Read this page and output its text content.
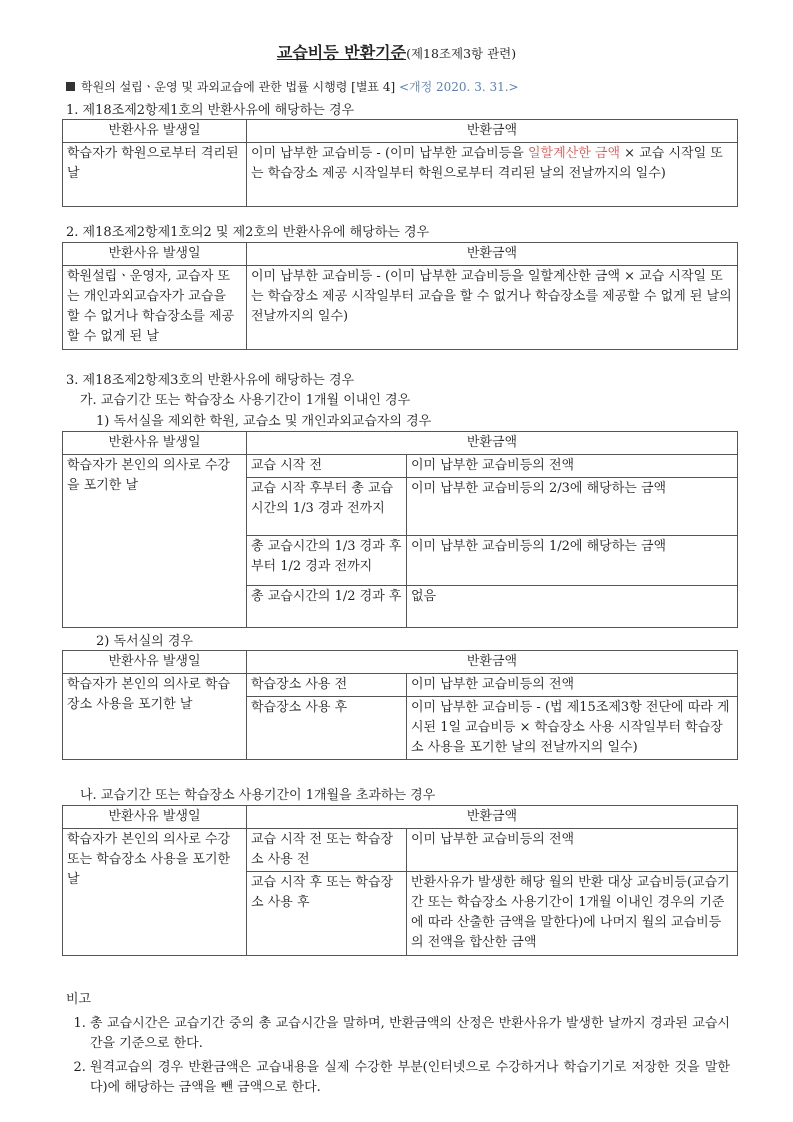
교습비등 반환기준(제18조제3항 관련)
학원의 설립ㆍ운영 및 과외교습에 관한 법률 시행령 [별표 4] <개정 2020. 3. 31.>
1. 제18조제2항제1호의 반환사유에 해당하는 경우
반환사유 발생일	반환금액
학습자가 학원으로부터 격리된 날	이미 납부한 교습비등 - (이미 납부한 교습비등을 일할계산한 금액 × 교습 시작일 또는 학습장소 제공 시작일부터 학원으로부터 격리된 날의 전날까지의 일수)
2. 제18조제2항제1호의2 및 제2호의 반환사유에 해당하는 경우
반환사유 발생일	반환금액
학원설립ㆍ운영자, 교습자 또는 개인과외교습자가 교습을 할 수 없거나 학습장소를 제공할 수 없게 된 날	이미 납부한 교습비등 - (이미 납부한 교습비등을 일할계산한 금액 × 교습 시작일 또는 학습장소 제공 시작일부터 교습을 할 수 없거나 학습장소를 제공할 수 없게 된 날의 전날까지의 일수)
3. 제18조제2항제3호의 반환사유에 해당하는 경우
가. 교습기간 또는 학습장소 사용기간이 1개월 이내인 경우
1) 독서실을 제외한 학원, 교습소 및 개인과외교습자의 경우
반환사유 발생일	반환금액	
학습자가 본인의 의사로 수강을 포기한 날	교습 시작 전	이미 납부한 교습비등의 전액
	교습 시작 후부터 총 교습시간의 1/3 경과 전까지	이미 납부한 교습비등의 2/3에 해당하는 금액
	총 교습시간의 1/3 경과 후부터 1/2 경과 전까지	이미 납부한 교습비등의 1/2에 해당하는 금액
	총 교습시간의 1/2 경과 후	없음
2) 독서실의 경우
반환사유 발생일	반환금액	
학습자가 본인의 의사로 학습장소 사용을 포기한 날	학습장소 사용 전	이미 납부한 교습비등의 전액
	학습장소 사용 후	이미 납부한 교습비등 - (법 제15조제3항 전단에 따라 게시된 1일 교습비등 × 학습장소 사용 시작일부터 학습장소 사용을 포기한 날의 전날까지의 일수)
나. 교습기간 또는 학습장소 사용기간이 1개월을 초과하는 경우
반환사유 발생일	반환금액	
학습자가 본인의 의사로 수강 또는 학습장소 사용을 포기한 날	교습 시작 전 또는 학습장소 사용 전	이미 납부한 교습비등의 전액
	교습 시작 후 또는 학습장소 사용 후	반환사유가 발생한 해당 월의 반환 대상 교습비등(교습기간 또는 학습장소 사용기간이 1개월 이내인 경우의 기준에 따라 산출한 금액을 말한다)에 나머지 월의 교습비등의 전액을 합산한 금액
비고
1. 총 교습시간은 교습기간 중의 총 교습시간을 말하며, 반환금액의 산정은 반환사유가 발생한 날까지 경과된 교습시간을 기준으로 한다.
2. 원격교습의 경우 반환금액은 교습내용을 실제 수강한 부분(인터넷으로 수강하거나 학습기기로 저장한 것을 말한다)에 해당하는 금액을 뺀 금액으로 한다.
